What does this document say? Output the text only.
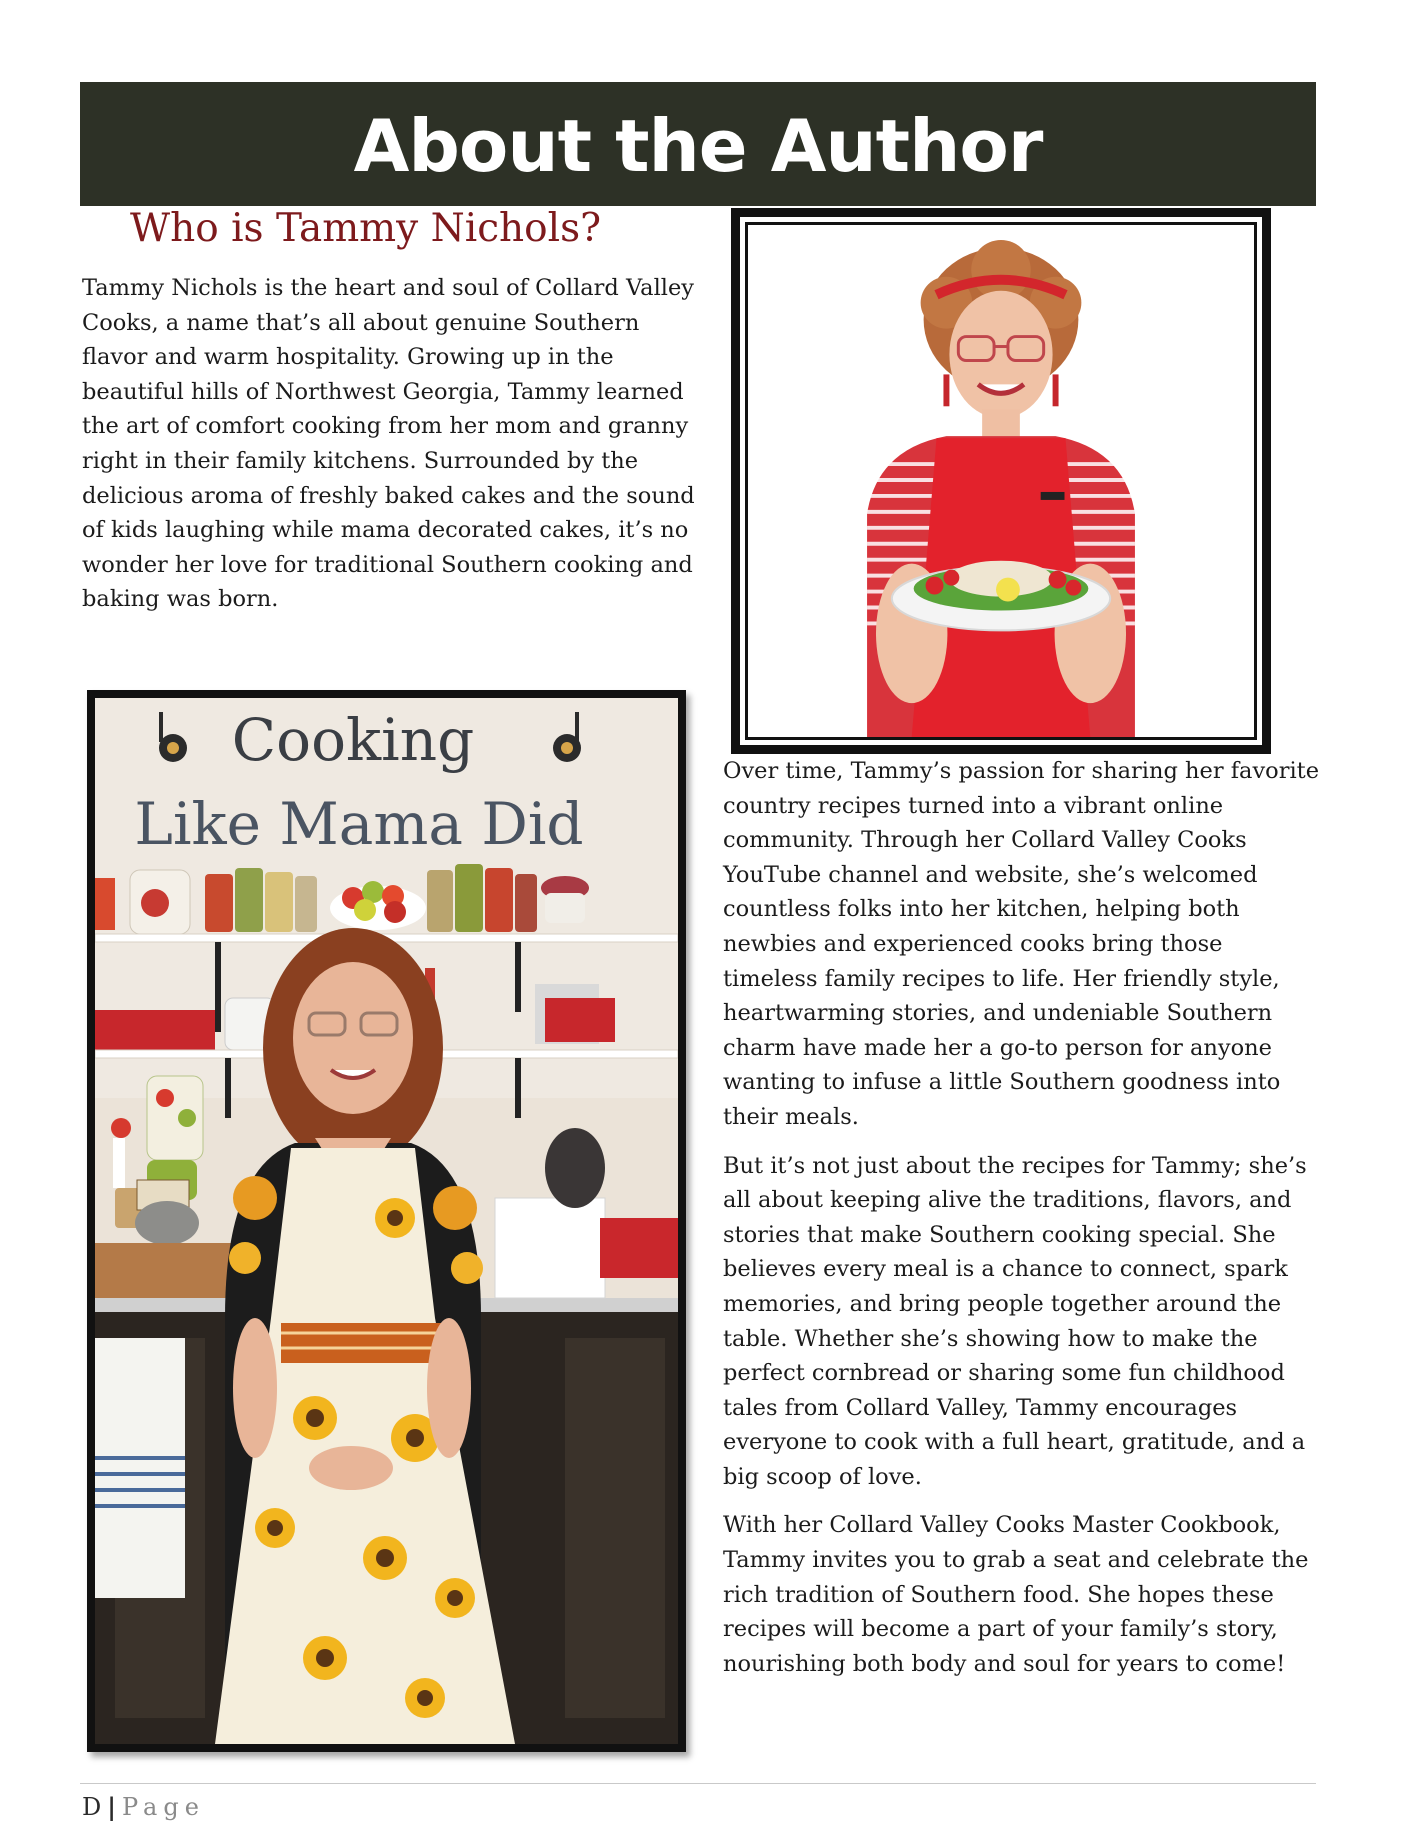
About the Author
Who is Tammy Nichols?
Tammy Nichols is the heart and soul of Collard Valley Cooks, a name that’s all about genuine Southern flavor and warm hospitality. Growing up in the beautiful hills of Northwest Georgia, Tammy learned the art of comfort cooking from her mom and granny right in their family kitchens. Surrounded by the delicious aroma of freshly baked cakes and the sound of kids laughing while mama decorated cakes, it’s no wonder her love for traditional Southern cooking and baking was born.
Cooking
Like Mama Did

Over time, Tammy’s passion for sharing her favorite country recipes turned into a vibrant online community. Through her Collard Valley Cooks YouTube channel and website, she’s welcomed countless folks into her kitchen, helping both newbies and experienced cooks bring those timeless family recipes to life. Her friendly style, heartwarming stories, and undeniable Southern charm have made her a go-to person for anyone wanting to infuse a little Southern goodness into their meals.

But it’s not just about the recipes for Tammy; she’s all about keeping alive the traditions, flavors, and stories that make Southern cooking special. She believes every meal is a chance to connect, spark memories, and bring people together around the table. Whether she’s showing how to make the perfect cornbread or sharing some fun childhood tales from Collard Valley, Tammy encourages everyone to cook with a full heart, gratitude, and a big scoop of love.

With her Collard Valley Cooks Master Cookbook, Tammy invites you to grab a seat and celebrate the rich tradition of Southern food. She hopes these recipes will become a part of your family’s story, nourishing both body and soul for years to come!

D | Page
